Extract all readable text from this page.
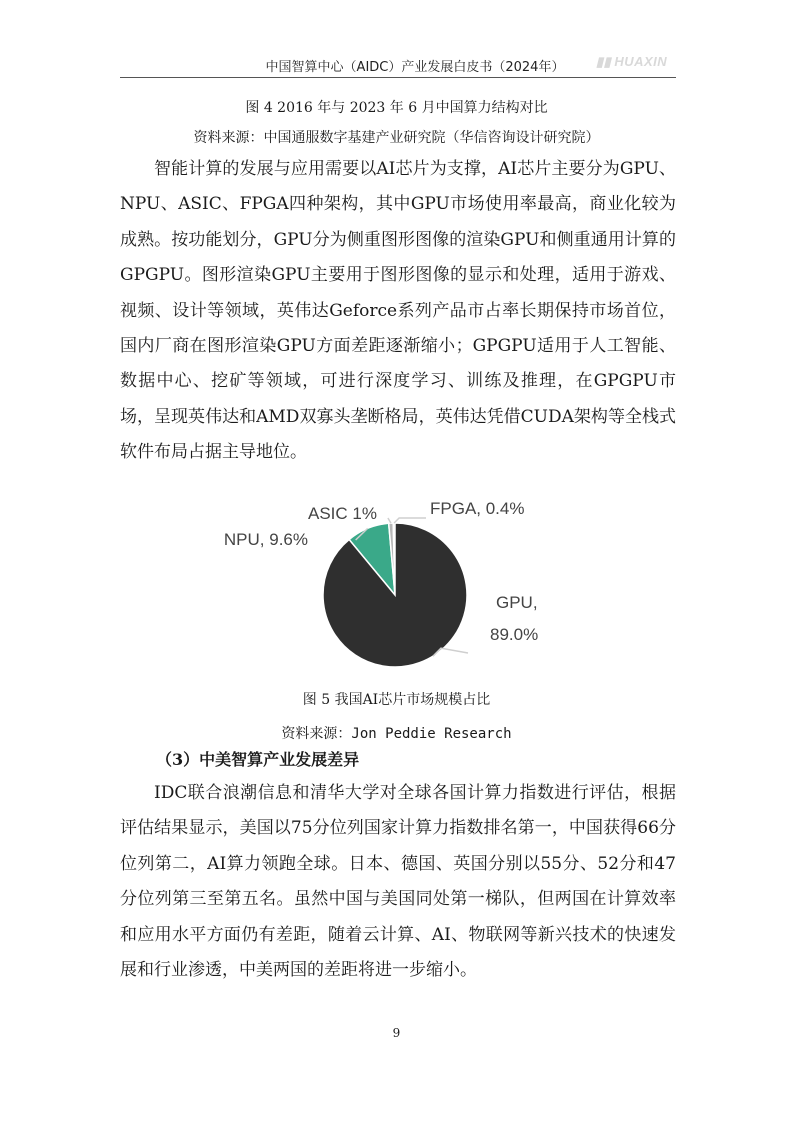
中国智算中心（AIDC）产业发展白皮书（2024年）	▮▮ HUAXIN
图 4 2016 年与 2023 年 6 月中国算力结构对比
资料来源：中国通服数字基建产业研究院（华信咨询设计研究院）

智能计算的发展与应用需要以AI芯片为支撑，AI芯片主要分为GPU、NPU、ASIC、FPGA四种架构，其中GPU市场使用率最高，商业化较为成熟。按功能划分，GPU分为侧重图形图像的渲染GPU和侧重通用计算的GPGPU。图形渲染GPU主要用于图形图像的显示和处理，适用于游戏、视频、设计等领域，英伟达Geforce系列产品市占率长期保持市场首位，国内厂商在图形渲染GPU方面差距逐渐缩小；GPGPU适用于人工智能、数据中心、挖矿等领域，可进行深度学习、训练及推理，在GPGPU市场，呈现英伟达和AMD双寡头垄断格局，英伟达凭借CUDA架构等全栈式软件布局占据主导地位。

NPU, 9.6%
ASIC 1%	FPGA, 0.4%
GPU,
89.0%
图 5 我国AI芯片市场规模占比
资料来源：Jon Peddie Research
（3）中美智算产业发展差异

IDC联合浪潮信息和清华大学对全球各国计算力指数进行评估，根据评估结果显示，美国以75分位列国家计算力指数排名第一，中国获得66分位列第二，AI算力领跑全球。日本、德国、英国分别以55分、52分和47分位列第三至第五名。虽然中国与美国同处第一梯队，但两国在计算效率和应用水平方面仍有差距，随着云计算、AI、物联网等新兴技术的快速发展和行业渗透，中美两国的差距将进一步缩小。

9
